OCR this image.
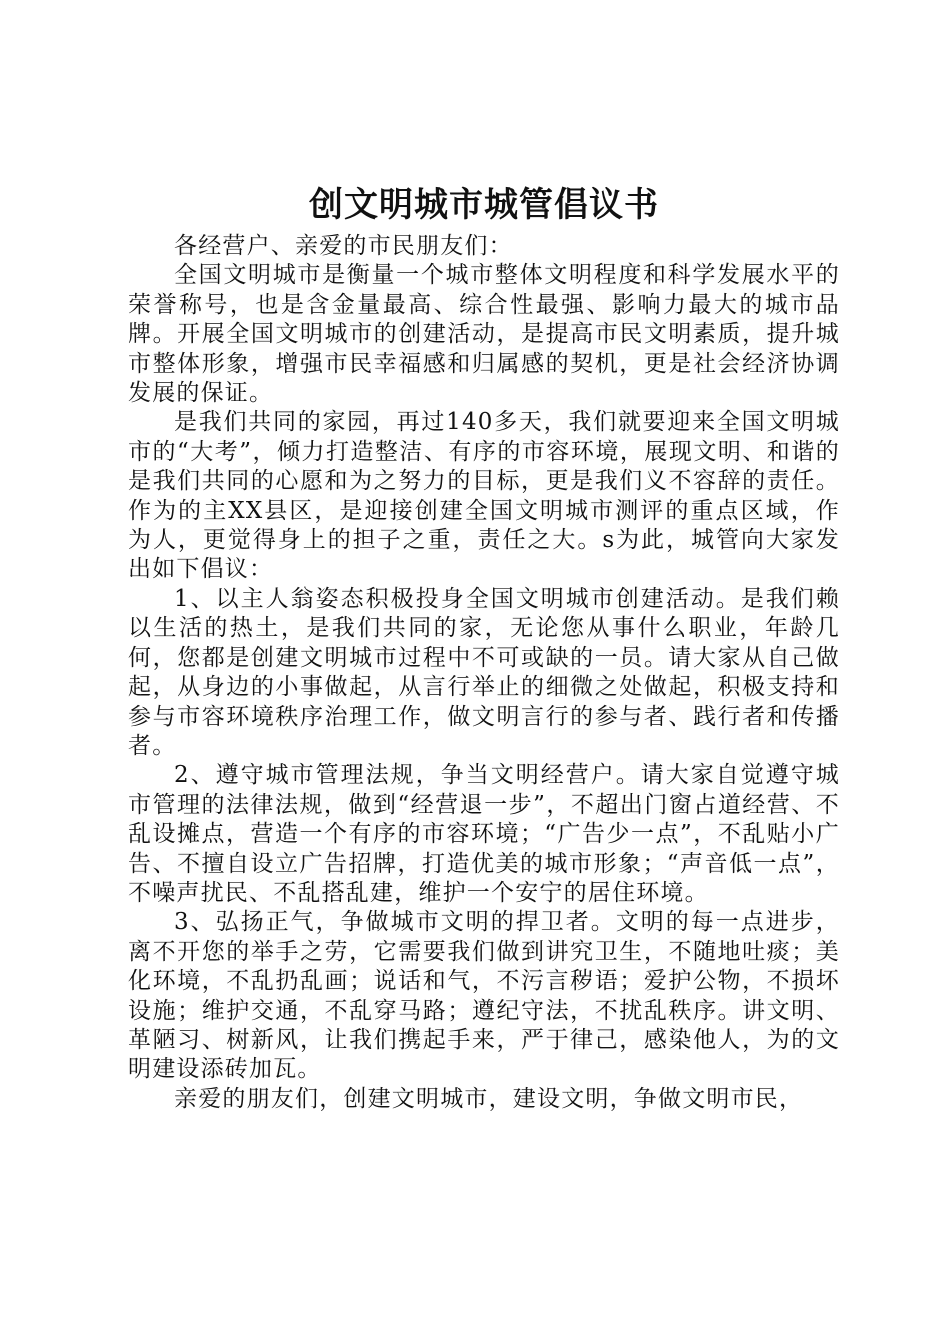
创文明城市城管倡议书

各经营户、亲爱的市民朋友们：

全国文明城市是衡量一个城市整体文明程度和科学发展水平的荣誉称号，也是含金量最高、综合性最强、影响力最大的城市品牌。开展全国文明城市的创建活动，是提高市民文明素质，提升城市整体形象，增强市民幸福感和归属感的契机，更是社会经济协调发展的保证。

是我们共同的家园，再过140多天，我们就要迎来全国文明城市的“大考”，倾力打造整洁、有序的市容环境，展现文明、和谐的是我们共同的心愿和为之努力的目标，更是我们义不容辞的责任。作为的主XX县区，是迎接创建全国文明城市测评的重点区域，作为人，更觉得身上的担子之重，责任之大。s为此，城管向大家发出如下倡议：

1、以主人翁姿态积极投身全国文明城市创建活动。是我们赖以生活的热土，是我们共同的家，无论您从事什么职业，年龄几何，您都是创建文明城市过程中不可或缺的一员。请大家从自己做起，从身边的小事做起，从言行举止的细微之处做起，积极支持和参与市容环境秩序治理工作，做文明言行的参与者、践行者和传播者。

2、遵守城市管理法规，争当文明经营户。请大家自觉遵守城市管理的法律法规，做到“经营退一步”，不超出门窗占道经营、不乱设摊点，营造一个有序的市容环境；“广告少一点”，不乱贴小广告、不擅自设立广告招牌，打造优美的城市形象；“声音低一点”，不噪声扰民、不乱搭乱建，维护一个安宁的居住环境。

3、弘扬正气，争做城市文明的捍卫者。文明的每一点进步，离不开您的举手之劳，它需要我们做到讲究卫生，不随地吐痰；美化环境，不乱扔乱画；说话和气，不污言秽语；爱护公物，不损坏设施；维护交通，不乱穿马路；遵纪守法，不扰乱秩序。讲文明、革陋习、树新风，让我们携起手来，严于律己，感染他人，为的文明建设添砖加瓦。

亲爱的朋友们，创建文明城市，建设文明，争做文明市民，
